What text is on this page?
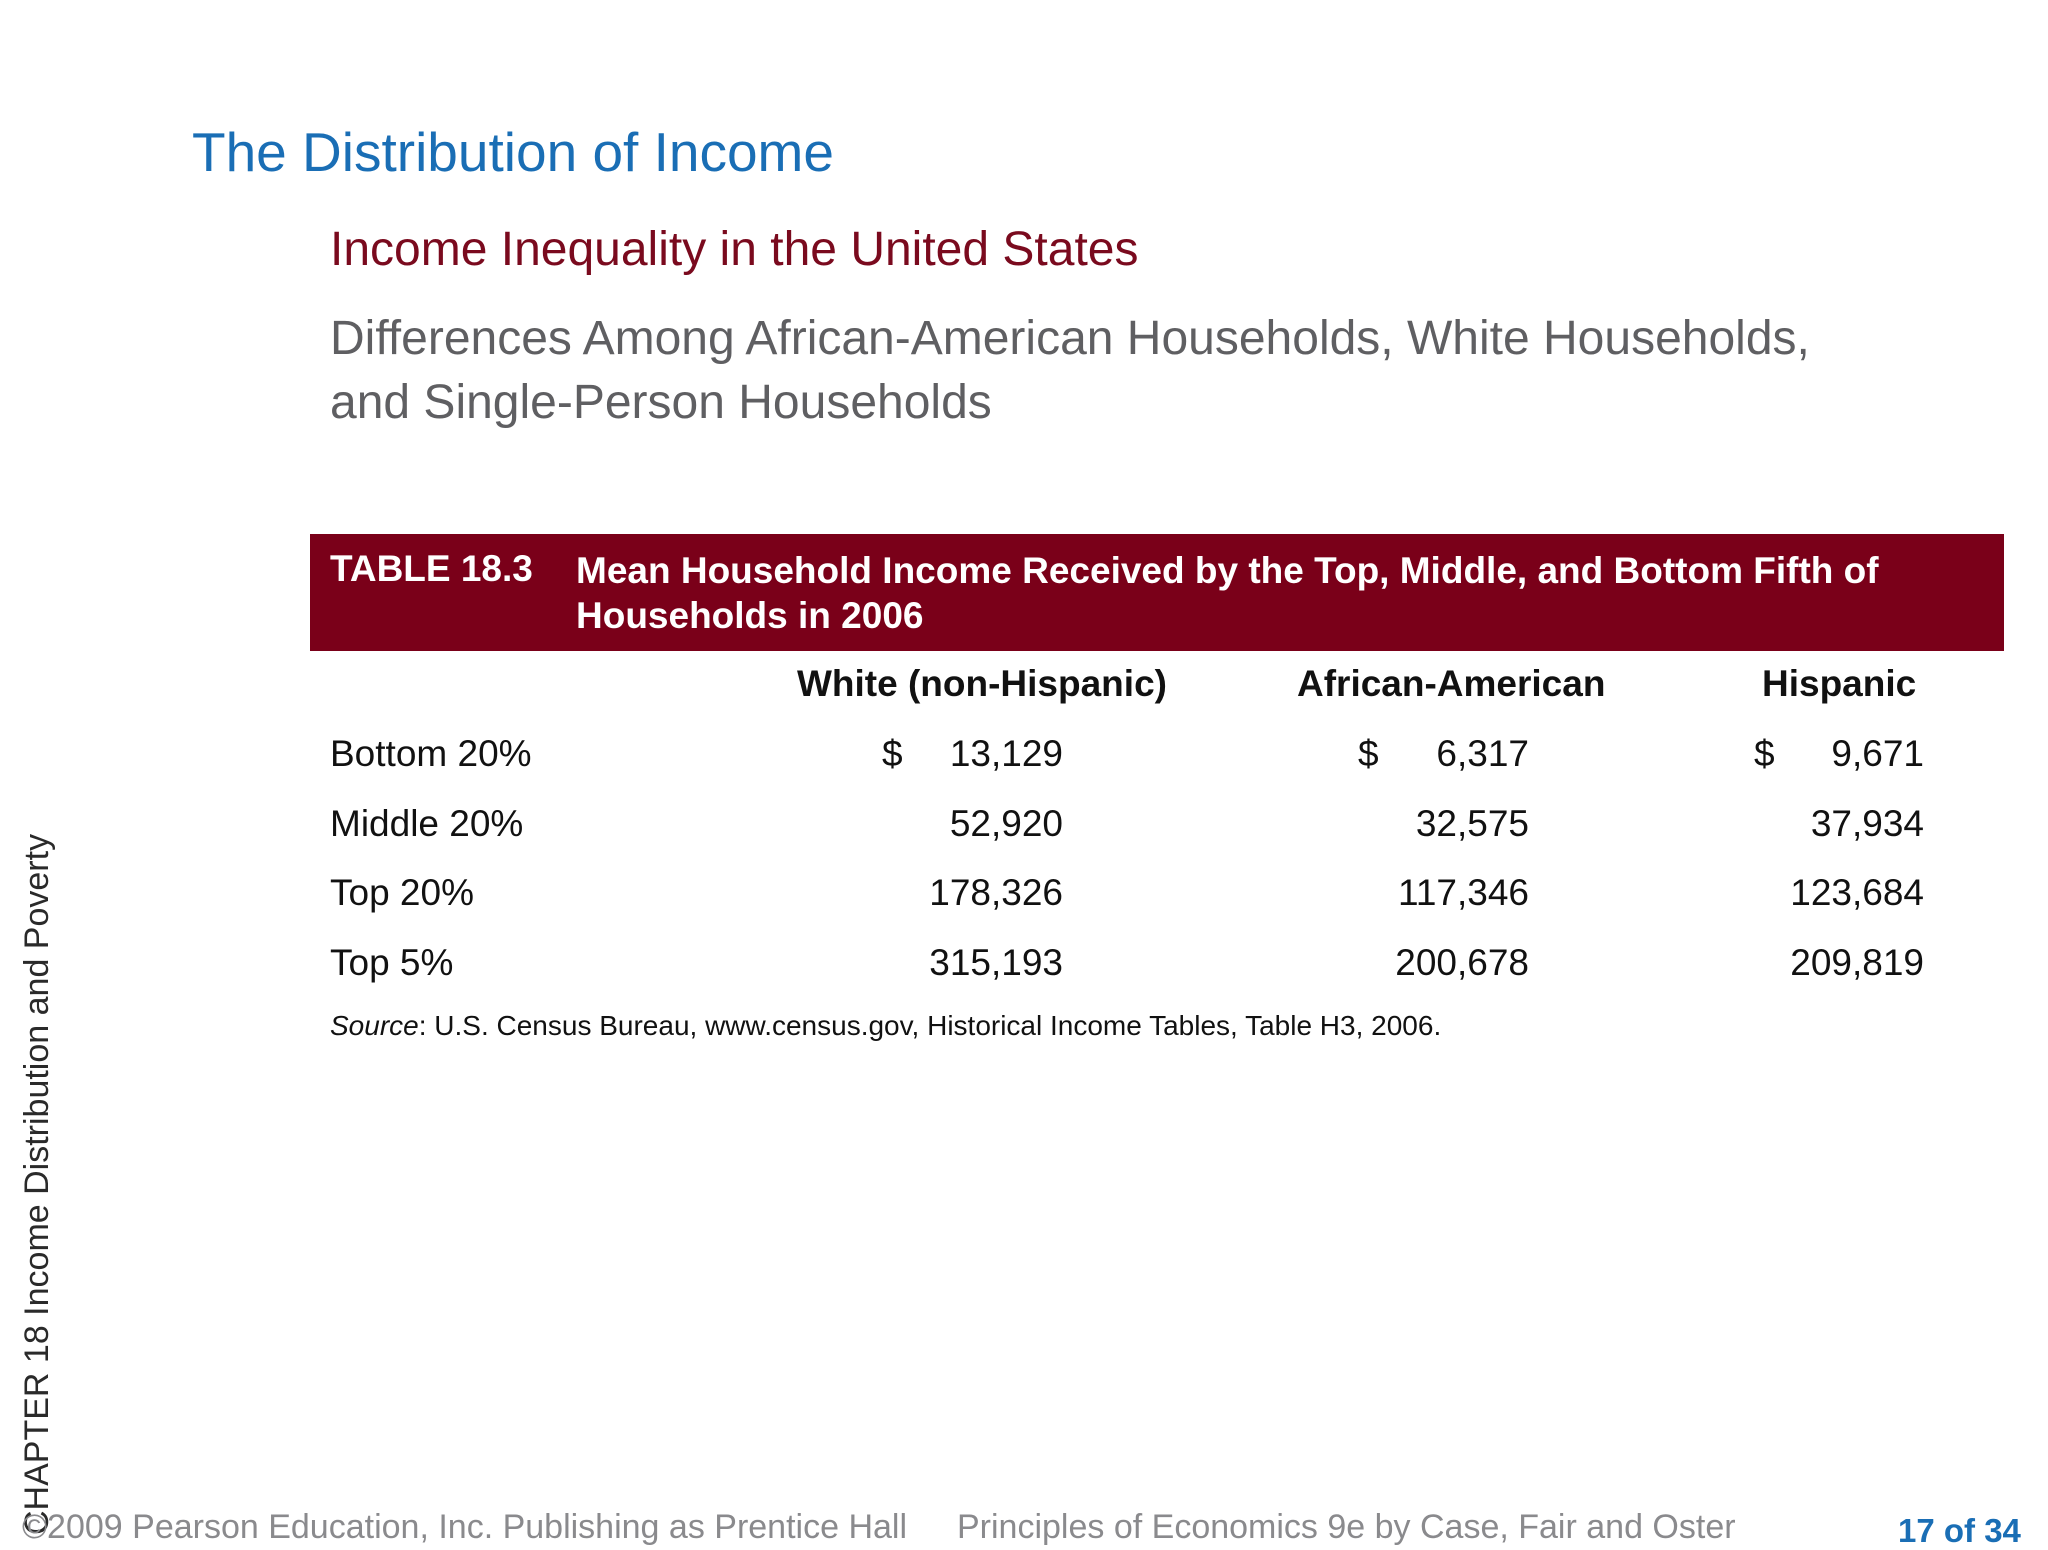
The Distribution of Income
Income Inequality in the United States
Differences Among African-American Households, White Households, and Single-Person Households
TABLE 18.3 Mean Household Income Received by the Top, Middle, and Bottom Fifth of Households in 2006
White (non-Hispanic)	African-American	Hispanic
Bottom 20%	$	13,129	$	6,317	$	9,671
Middle 20%	52,920	32,575	37,934
Top 20%	178,326	117,346	123,684
Top 5%	315,193	200,678	209,819
Source: U.S. Census Bureau, www.census.gov, Historical Income Tables, Table H3, 2006.
CHAPTER 18 Income Distribution and Poverty
©2009 Pearson Education, Inc. Publishing as Prentice Hall Principles of Economics 9e by Case, Fair and Oster	17 of 34
